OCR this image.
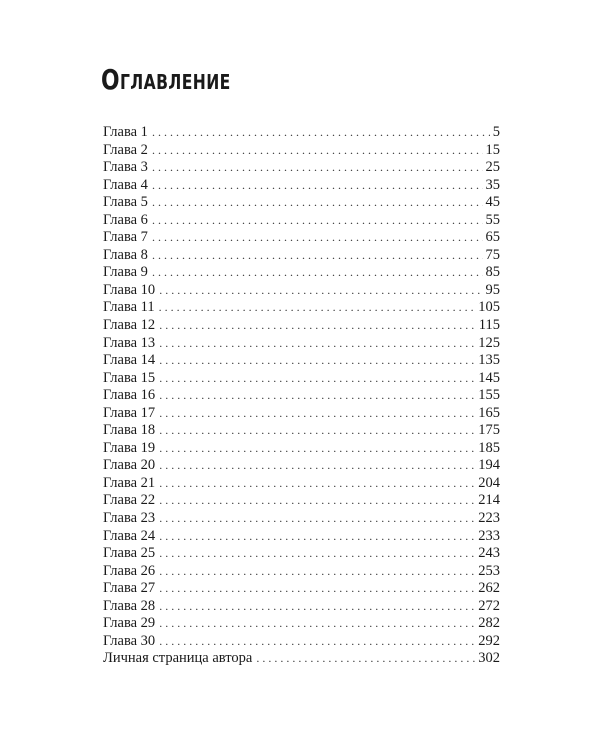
Оглавление
Глава 1 . . .	5
Глава 2 . . .	15
Глава 3 . . .	25
Глава 4 . . .	35
Глава 5 . . .	45
Глава 6 . . .	55
Глава 7 . . .	65
Глава 8 . . .	75
Глава 9 . . .	85
Глава 10 . . .	95
Глава 11 . . .	105
Глава 12 . . .	115
Глава 13 . . .	125
Глава 14 . . .	135
Глава 15 . . .	145
Глава 16 . . .	155
Глава 17 . . .	165
Глава 18 . . .	175
Глава 19 . . .	185
Глава 20 . . .	194
Глава 21 . . .	204
Глава 22 . . .	214
Глава 23 . . .	223
Глава 24 . . .	233
Глава 25 . . .	243
Глава 26 . . .	253
Глава 27 . . .	262
Глава 28 . . .	272
Глава 29 . . .	282
Глава 30 . . .	292
Личная страница автора . . .	302
